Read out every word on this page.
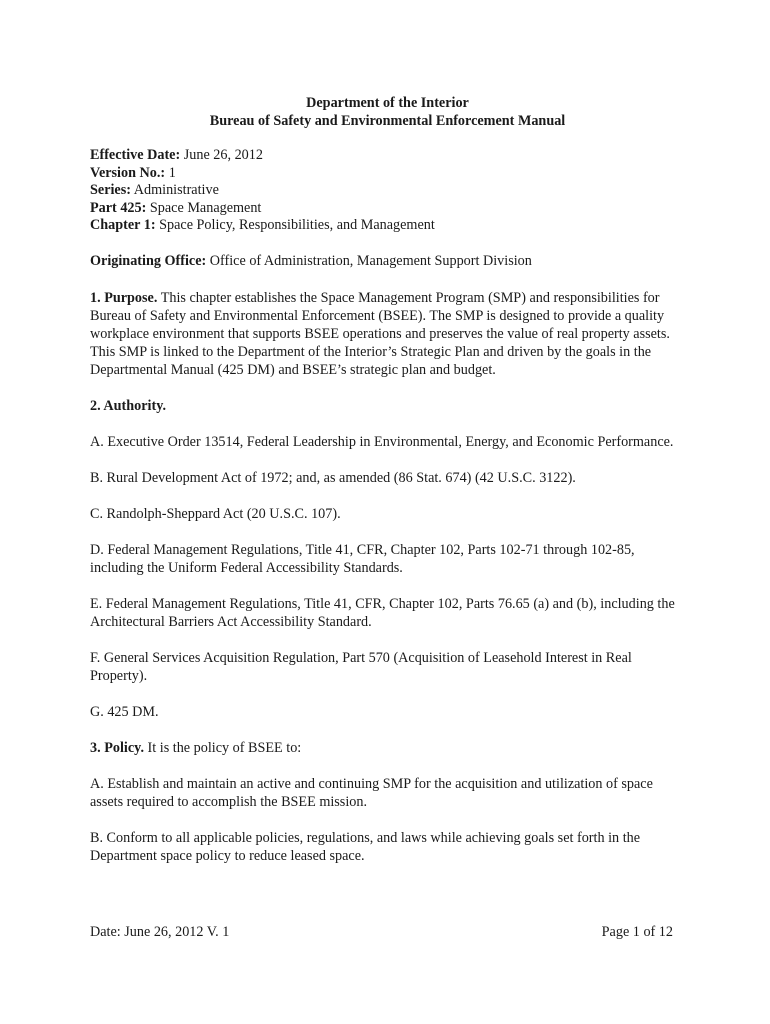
Department of the Interior
Bureau of Safety and Environmental Enforcement Manual
Effective Date: June 26, 2012
Version No.: 1
Series: Administrative
Part 425: Space Management
Chapter 1: Space Policy, Responsibilities, and Management
Originating Office: Office of Administration, Management Support Division

1. Purpose. This chapter establishes the Space Management Program (SMP) and responsibilities for Bureau of Safety and Environmental Enforcement (BSEE). The SMP is designed to provide a quality workplace environment that supports BSEE operations and preserves the value of real property assets. This SMP is linked to the Department of the Interior’s Strategic Plan and driven by the goals in the Departmental Manual (425 DM) and BSEE’s strategic plan and budget.

2. Authority.

A. Executive Order 13514, Federal Leadership in Environmental, Energy, and Economic Performance.

B. Rural Development Act of 1972; and, as amended (86 Stat. 674) (42 U.S.C. 3122).

C. Randolph-Sheppard Act (20 U.S.C. 107).

D. Federal Management Regulations, Title 41, CFR, Chapter 102, Parts 102-71 through 102-85, including the Uniform Federal Accessibility Standards.

E. Federal Management Regulations, Title 41, CFR, Chapter 102, Parts 76.65 (a) and (b), including the Architectural Barriers Act Accessibility Standard.

F. General Services Acquisition Regulation, Part 570 (Acquisition of Leasehold Interest in Real Property).

G. 425 DM.

3. Policy. It is the policy of BSEE to:

A. Establish and maintain an active and continuing SMP for the acquisition and utilization of space assets required to accomplish the BSEE mission.

B. Conform to all applicable policies, regulations, and laws while achieving goals set forth in the Department space policy to reduce leased space.

Date: June 26, 2012 V. 1	Page 1 of 12
